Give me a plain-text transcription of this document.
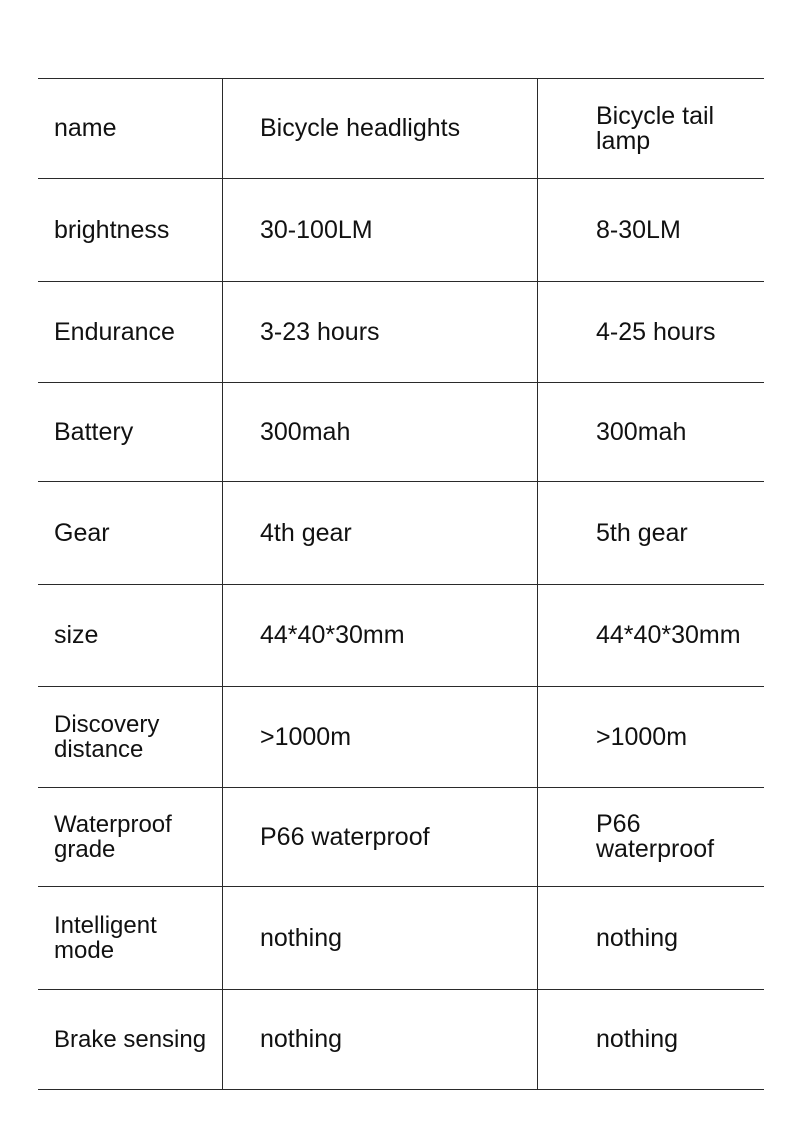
name	Bicycle headlights	Bicycle tail lamp
brightness	30-100LM	8-30LM
Endurance	3-23 hours	4-25 hours
Battery	300mah	300mah
Gear	4th gear	5th gear
size	44*40*30mm	44*40*30mm
Discovery distance	>1000m	>1000m
Waterproof grade	P66 waterproof	P66 waterproof
Intelligent mode	nothing	nothing
Brake sensing	nothing	nothing
